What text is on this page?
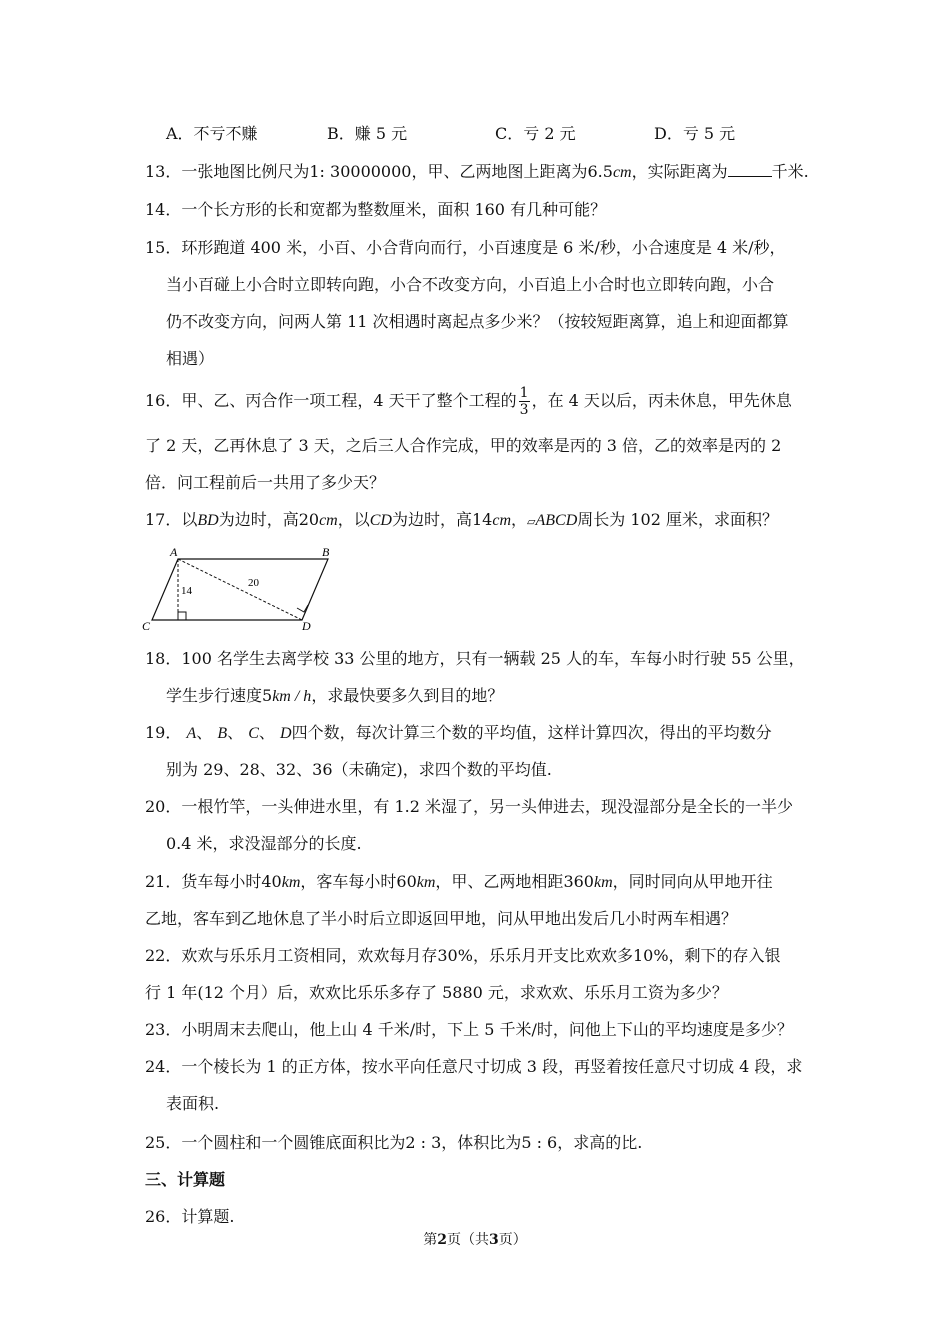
A．不亏不赚	B．赚 5 元	C．亏 2 元	D．亏 5 元
13．一张地图比例尺为1: 30000000，甲、乙两地图上距离为6.5cm，实际距离为	千米.
14．一个长方形的长和宽都为整数厘米，面积 160 有几种可能？
15．环形跑道 400 米，小百、小合背向而行，小百速度是 6 米/秒，小合速度是 4 米/秒，
当小百碰上小合时立即转向跑，小合不改变方向，小百追上小合时也立即转向跑，小合
仍不改变方向，问两人第 11 次相遇时离起点多少米？（按较短距离算，追上和迎面都算
相遇）
16．甲、乙、丙合作一项工程，4 天干了整个工程的 $\frac{1}{3}$ ，在 4 天以后，丙未休息，甲先休息
了 2 天，乙再休息了 3 天，之后三人合作完成，甲的效率是丙的 3 倍，乙的效率是丙的 2
倍．问工程前后一共用了多少天？
17．以BD为边时，高20cm，以CD为边时，高14cm，▱ABCD周长为 102 厘米，求面积？
A	B
C	D
14
20
18．100 名学生去离学校 33 公里的地方，只有一辆载 25 人的车，车每小时行驶 55 公里，
学生步行速度5km / h，求最快要多久到目的地？
19． A、 B、 C、 D四个数，每次计算三个数的平均值，这样计算四次，得出的平均数分
别为 29、28、32、36（未确定)，求四个数的平均值.
20．一根竹竿，一头伸进水里，有 1.2 米湿了，另一头伸进去，现没湿部分是全长的一半少
0.4 米，求没湿部分的长度.
21．货车每小时40km，客车每小时60km，甲、乙两地相距360km，同时同向从甲地开往
乙地，客车到乙地休息了半小时后立即返回甲地，问从甲地出发后几小时两车相遇？
22．欢欢与乐乐月工资相同，欢欢每月存30%，乐乐月开支比欢欢多10%，剩下的存入银
行 1 年(12 个月）后，欢欢比乐乐多存了 5880 元，求欢欢、乐乐月工资为多少？
23．小明周末去爬山，他上山 4 千米/时，下上 5 千米/时，问他上下山的平均速度是多少？
24．一个棱长为 1 的正方体，按水平向任意尺寸切成 3 段，再竖着按任意尺寸切成 4 段，求
表面积.
25．一个圆柱和一个圆锥底面积比为2 : 3，体积比为5 : 6，求高的比.
三、计算题
26．计算题.
第2页（共3页）
